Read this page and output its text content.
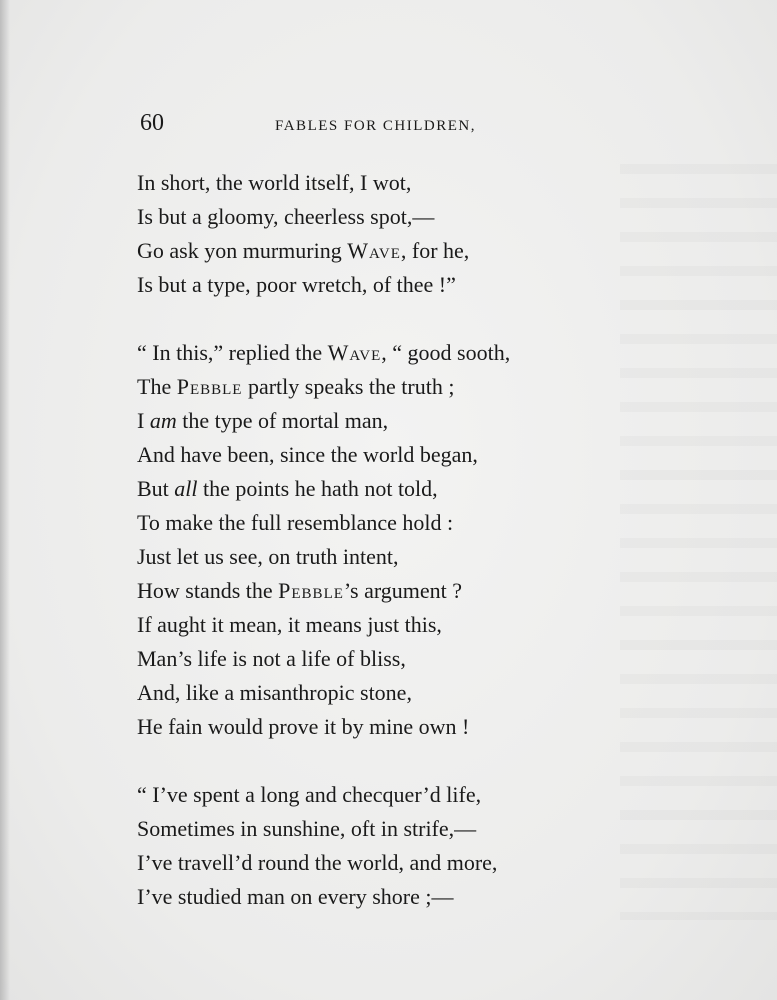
60	FABLES FOR CHILDREN,
In short, the world itself, I wot,
Is but a gloomy, cheerless spot,—
Go ask yon murmuring Wave, for he,
Is but a type, poor wretch, of thee !”
“ In this,” replied the Wave, “ good sooth,
The Pebble partly speaks the truth ;
I am the type of mortal man,
And have been, since the world began,
But all the points he hath not told,
To make the full resemblance hold :
Just let us see, on truth intent,
How stands the Pebble’s argument ?
If aught it mean, it means just this,
Man’s life is not a life of bliss,
And, like a misanthropic stone,
He fain would prove it by mine own !
“ I’ve spent a long and checquer’d life,
Sometimes in sunshine, oft in strife,—
I’ve travell’d round the world, and more,
I’ve studied man on every shore ;—
